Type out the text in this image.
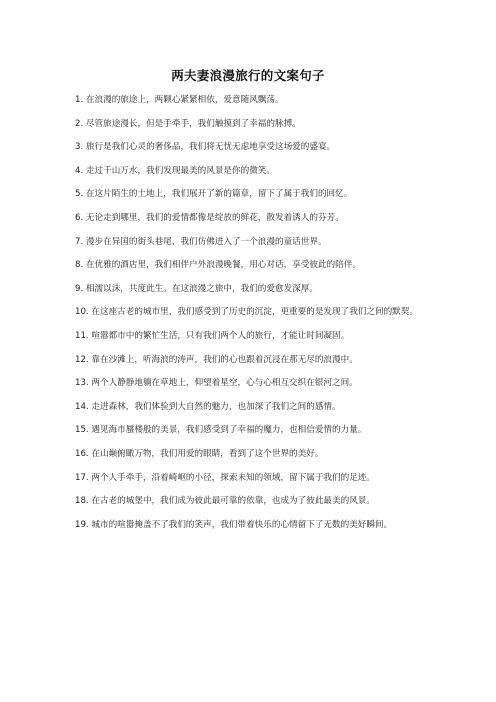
两夫妻浪漫旅行的文案句子
1. 在浪漫的旅途上，两颗心紧紧相依，爱意随风飘荡。
2. 尽管旅途漫长，但是手牵手，我们触摸到了幸福的脉搏。
3. 旅行是我们心灵的奢侈品，我们将无忧无虑地享受这场爱的盛宴。
4. 走过千山万水，我们发现最美的风景是你的微笑。
5. 在这片陌生的土地上，我们展开了新的篇章，留下了属于我们的回忆。
6. 无论走到哪里，我们的爱情都像是绽放的鲜花，散发着诱人的芬芳。
7. 漫步在异国的街头巷尾，我们仿佛进入了一个浪漫的童话世界。
8. 在优雅的酒店里，我们相伴户外浪漫晚餐，用心对话，享受彼此的陪伴。
9. 相濡以沫，共度此生。在这浪漫之旅中，我们的爱愈发深厚。
10. 在这座古老的城市里，我们感受到了历史的沉淀，更重要的是发现了我们之间的默契。
11. 喧嚣都市中的繁忙生活，只有我们两个人的旅行，才能让时间凝固。
12. 靠在沙滩上，听海浪的涛声，我们的心也跟着沉浸在那无尽的浪漫中。
13. 两个人静静地躺在草地上，仰望着星空，心与心相互交织在银河之间。
14. 走进森林，我们体验到大自然的魅力，也加深了我们之间的感情。
15. 遇见海市蜃楼般的美景，我们感受到了幸福的魔力，也相信爱情的力量。
16. 在山巅俯瞰万物，我们用爱的眼睛，看到了这个世界的美好。
17. 两个人手牵手，沿着崎岖的小径，探索未知的领域，留下属于我们的足迹。
18. 在古老的城堡中，我们成为彼此最可靠的依靠，也成为了彼此最美的风景。
19. 城市的喧嚣掩盖不了我们的笑声，我们带着快乐的心情留下了无数的美好瞬间。
